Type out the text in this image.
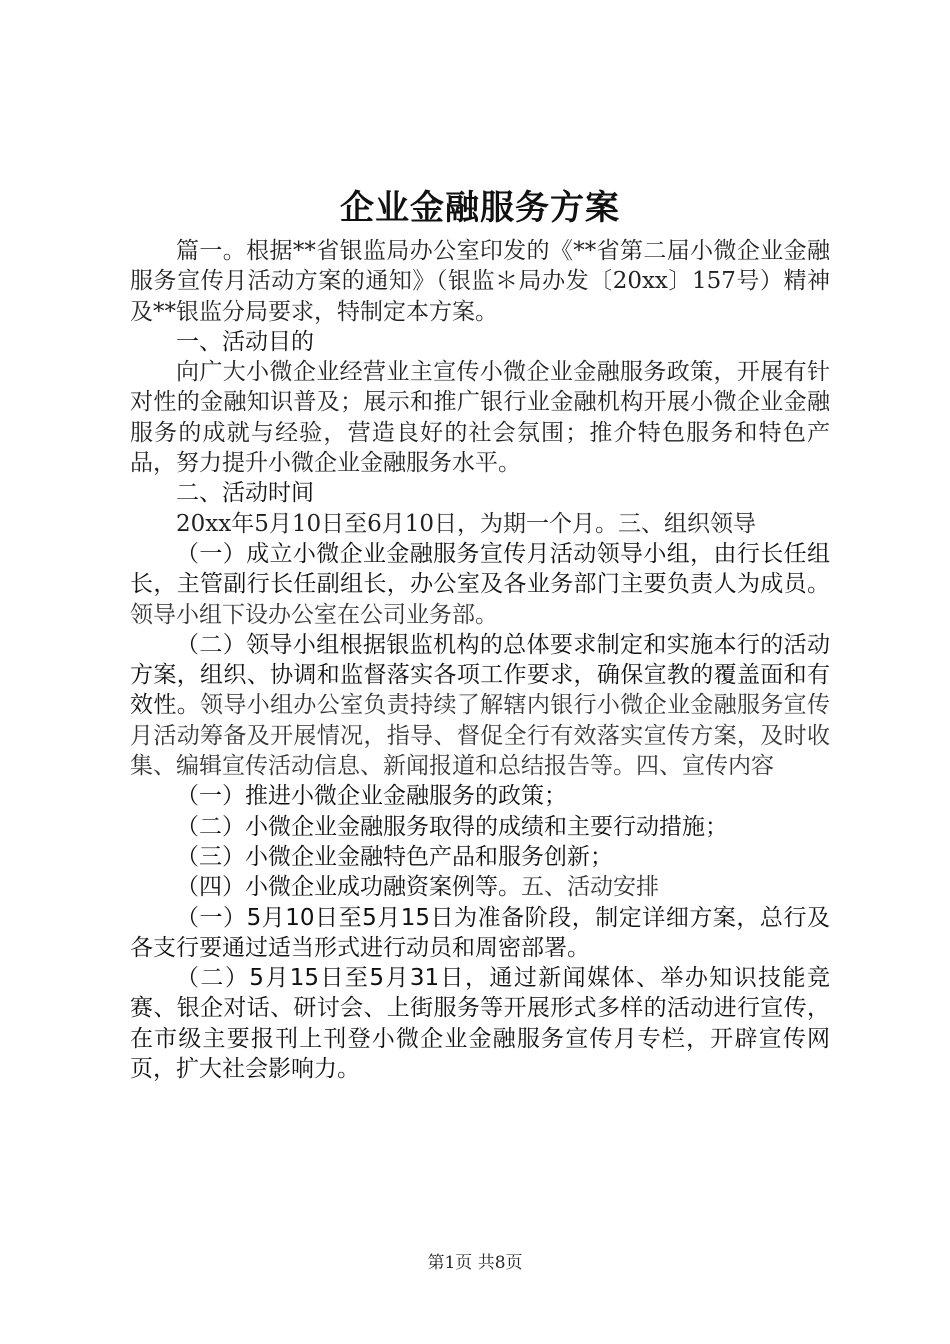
企业金融服务方案

篇一。根据**省银监局办公室印发的《**省第二届小微企业金融服务宣传月活动方案的通知》（银监＊局办发〔20xx〕157号）精神及**银监分局要求，特制定本方案。

一、活动目的

向广大小微企业经营业主宣传小微企业金融服务政策，开展有针对性的金融知识普及；展示和推广银行业金融机构开展小微企业金融服务的成就与经验，营造良好的社会氛围；推介特色服务和特色产品，努力提升小微企业金融服务水平。

二、活动时间

20xx年5月10日至6月10日，为期一个月。三、组织领导

（一）成立小微企业金融服务宣传月活动领导小组，由行长任组长，主管副行长任副组长，办公室及各业务部门主要负责人为成员。领导小组下设办公室在公司业务部。

（二）领导小组根据银监机构的总体要求制定和实施本行的活动方案，组织、协调和监督落实各项工作要求，确保宣教的覆盖面和有效性。领导小组办公室负责持续了解辖内银行小微企业金融服务宣传月活动筹备及开展情况，指导、督促全行有效落实宣传方案，及时收集、编辑宣传活动信息、新闻报道和总结报告等。四、宣传内容

（一）推进小微企业金融服务的政策；

（二）小微企业金融服务取得的成绩和主要行动措施；

（三）小微企业金融特色产品和服务创新；

（四）小微企业成功融资案例等。五、活动安排

（一）5月10日至5月15日为准备阶段，制定详细方案，总行及各支行要通过适当形式进行动员和周密部署。

（二）5月15日至5月31日，通过新闻媒体、举办知识技能竞赛、银企对话、研讨会、上街服务等开展形式多样的活动进行宣传，在市级主要报刊上刊登小微企业金融服务宣传月专栏，开辟宣传网页，扩大社会影响力。

第1页 共8页
